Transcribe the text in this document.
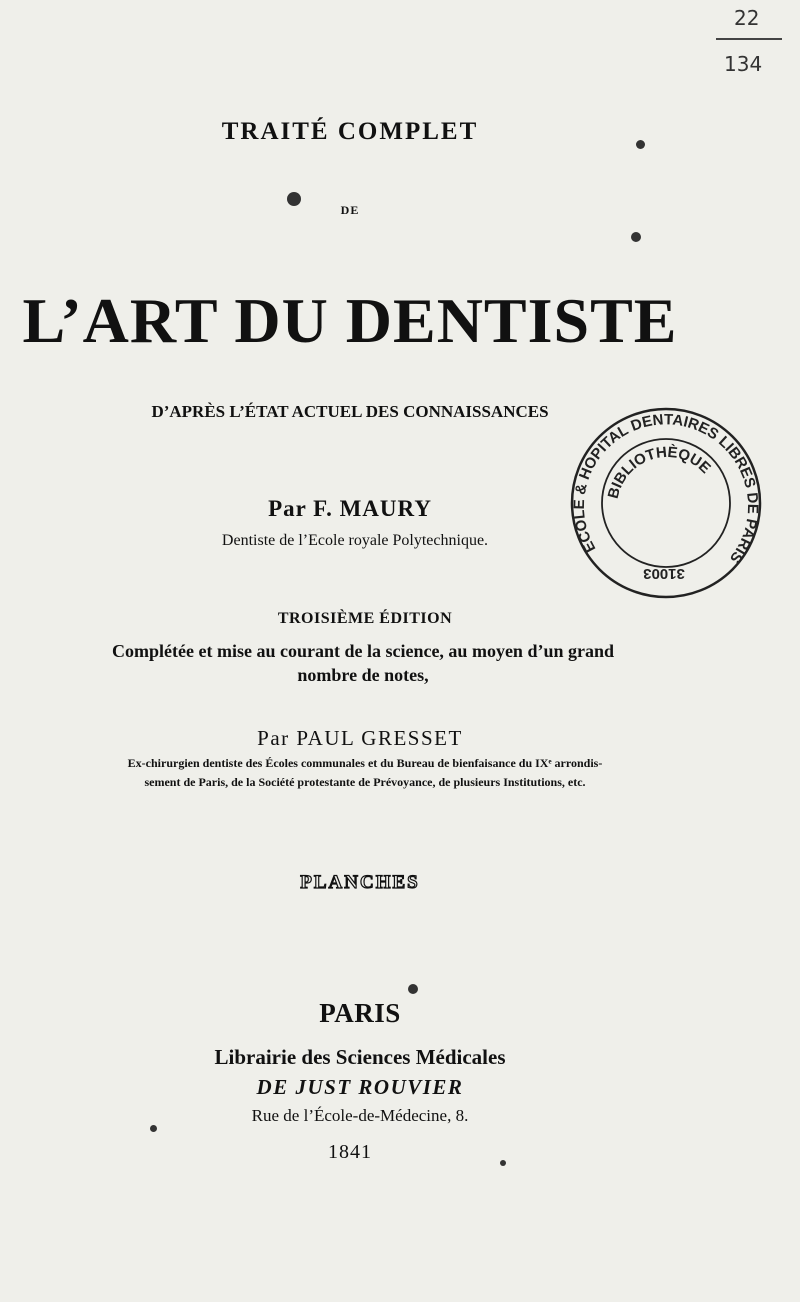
TRAITÉ COMPLET
DE
L’ART DU DENTISTE
D’APRÈS L’ÉTAT ACTUEL DES CONNAISSANCES
Par F. MAURY
Dentiste de l’Ecole royale Polytechnique.
TROISIÈME ÉDITION
Complétée et mise au courant de la science, au moyen d’un grand
nombre de notes,
Par PAUL GRESSET
Ex-chirurgien dentiste des Écoles communales et du Bureau de bienfaisance du IXᵉ arrondis-
sement de Paris, de la Société protestante de Prévoyance, de plusieurs Institutions, etc.
PLANCHES
PARIS
Librairie des Sciences Médicales
DE JUST ROUVIER
Rue de l’École-de-Médecine, 8.
1841
22
134
ECOLE & HOPITAL DENTAIRES LIBRES DE PARIS
BIBLIOTHÈQUE
31003
